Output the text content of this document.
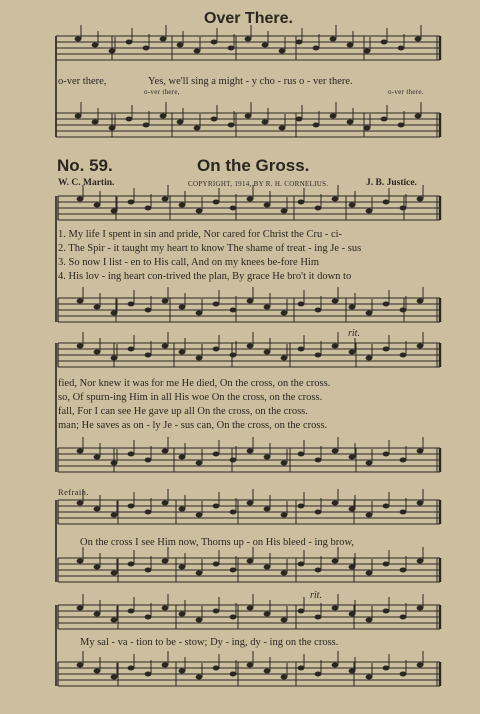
Over There.
o-ver there,	Yes, we'll sing a might - y cho - rus o - ver there.
o-ver there,	o-ver there.
No. 59.	On the Gross.
W. C. Martin.	COPYRIGHT, 1914, BY R. H. CORNELIUS.	J. B. Justice.
1. My life I spent in sin and pride, Nor cared for Christ the Cru - ci-
2. The Spir - it taught my heart to know The shame of treat - ing Je - sus
3. So now I list - en to His call, And on my knees be-fore Him
4. His lov - ing heart con-trived the plan, By grace He bro't it down to
rit.
fied, Nor knew it was for me He died, On the cross, on the cross.
so, Of spurn-ing Him in all His woe On the cross, on the cross.
fall, For I can see He gave up all On the cross, on the cross.
man; He saves as on - ly Je - sus can, On the cross, on the cross.
Refrain.
On the cross I see Him now, Thorns up - on His bleed - ing brow,
rit.
My sal - va - tion to be - stow; Dy - ing, dy - ing on the cross.
